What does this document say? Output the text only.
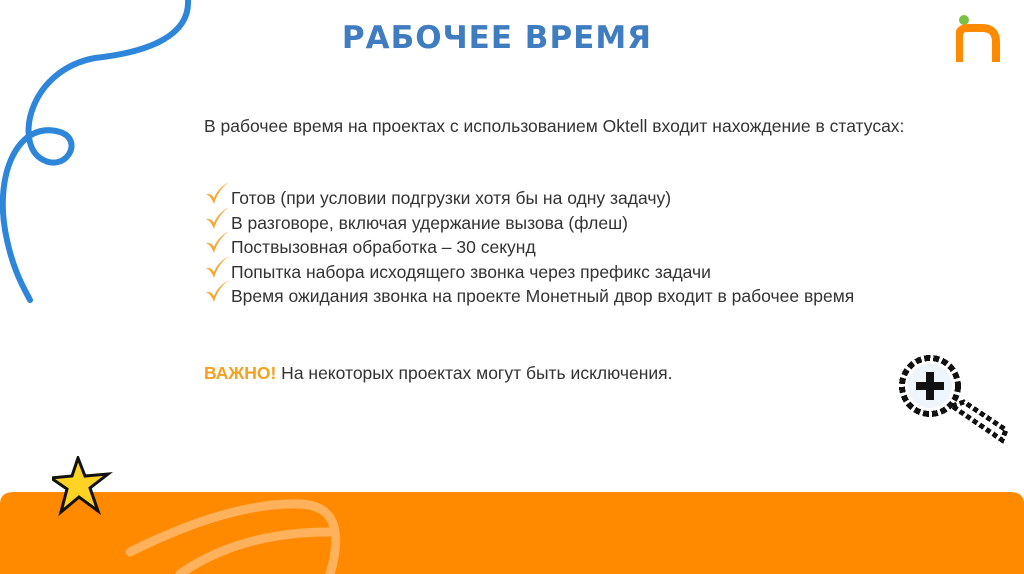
РАБОЧЕЕ ВРЕМЯ
В рабочее время на проектах с использованием Oktell входит нахождение в статусах:
Готов (при условии подгрузки хотя бы на одну задачу)
В разговоре, включая удержание вызова (флеш)
Поствызовная обработка – 30 секунд
Попытка набора исходящего звонка через префикс задачи
Время ожидания звонка на проекте Монетный двор входит в рабочее время
ВАЖНО! На некоторых проектах могут быть исключения.
